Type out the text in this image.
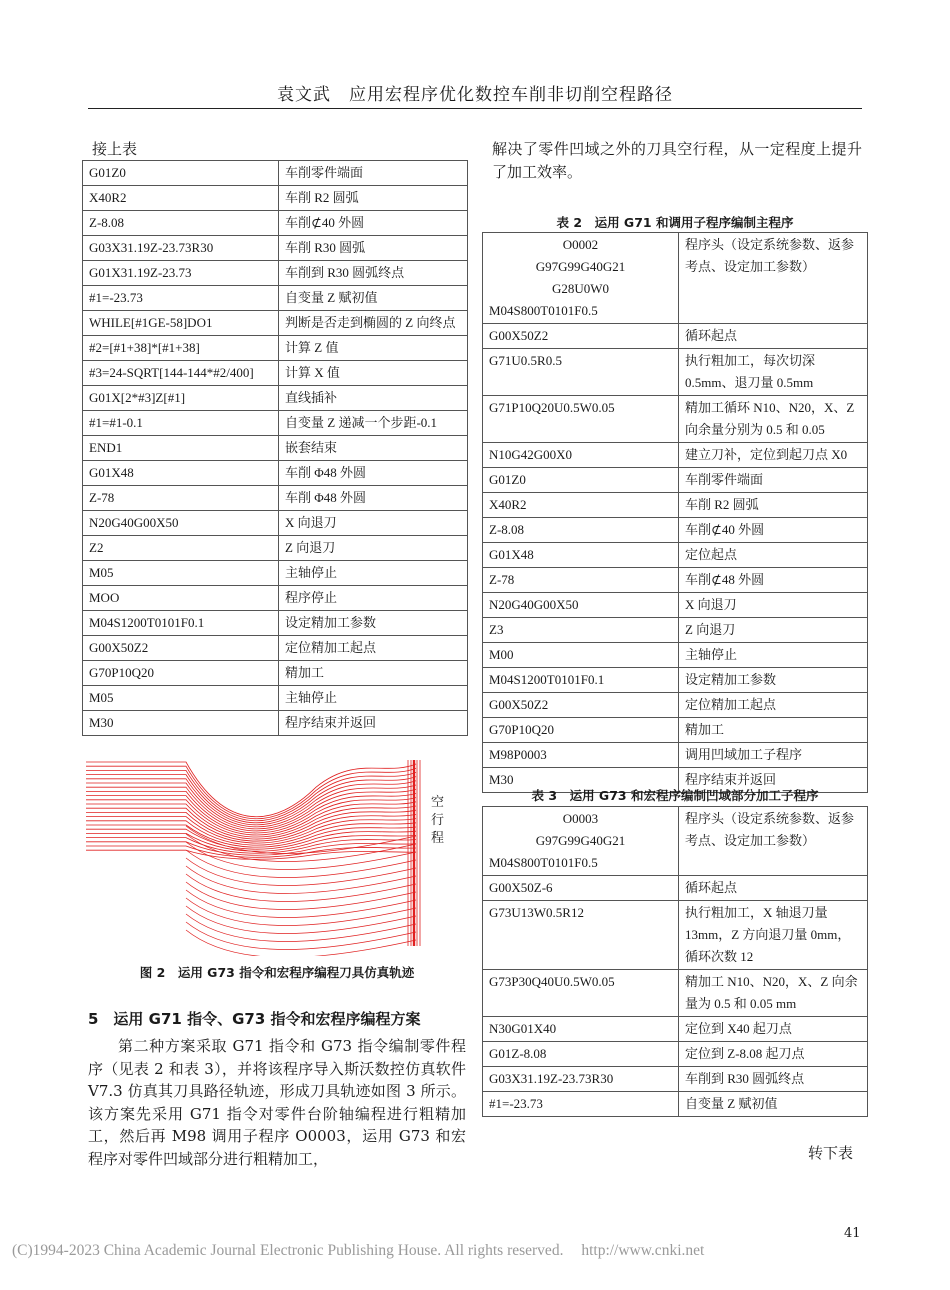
袁文武　应用宏程序优化数控车削非切削空程路径
接上表
G01Z0	车削零件端面
X40R2	车削 R2 圆弧
Z-8.08	车削⊄40 外圆
G03X31.19Z-23.73R30	车削 R30 圆弧
G01X31.19Z-23.73	车削到 R30 圆弧终点
#1=-23.73	自变量 Z 赋初值
WHILE[#1GE-58]DO1	判断是否走到椭圆的 Z 向终点
#2=[#1+38]*[#1+38]	计算 Z 值
#3=24-SQRT[144-144*#2/400]	计算 X 值
G01X[2*#3]Z[#1]	直线插补
#1=#1-0.1	自变量 Z 递减一个步距-0.1
END1	嵌套结束
G01X48	车削 Φ48 外圆
Z-78	车削 Φ48 外圆
N20G40G00X50	X 向退刀
Z2	Z 向退刀
M05	主轴停止
MOO	程序停止
M04S1200T0101F0.1	设定精加工参数
G00X50Z2	定位精加工起点
G70P10Q20	精加工
M05	主轴停止
M30	程序结束并返回
空
行
程
图 2　运用 G73 指令和宏程序编程刀具仿真轨迹
5　运用 G71 指令、G73 指令和宏程序编程方案
第二种方案采取 G71 指令和 G73 指令编制零件程序（见表 2 和表 3），并将该程序导入斯沃数控仿真软件 V7.3 仿真其刀具路径轨迹，形成刀具轨迹如图 3 所示。该方案先采用 G71 指令对零件台阶轴编程进行粗精加工，然后再 M98 调用子程序 O0003，运用 G73 和宏程序对零件凹域部分进行粗精加工，
解决了零件凹域之外的刀具空行程，从一定程度上提升了加工效率。
表 2　运用 G71 和调用子程序编制主程序
O0002
G97G99G40G21
G28U0W0
M04S800T0101F0.5	程序头（设定系统参数、返参考点、设定加工参数）
G00X50Z2	循环起点
G71U0.5R0.5	执行粗加工，每次切深 0.5mm、退刀量 0.5mm
G71P10Q20U0.5W0.05	精加工循环 N10、N20，X、Z 向余量分别为 0.5 和 0.05
N10G42G00X0	建立刀补，定位到起刀点 X0
G01Z0	车削零件端面
X40R2	车削 R2 圆弧
Z-8.08	车削⊄40 外圆
G01X48	定位起点
Z-78	车削⊄48 外圆
N20G40G00X50	X 向退刀
Z3	Z 向退刀
M00	主轴停止
M04S1200T0101F0.1	设定精加工参数
G00X50Z2	定位精加工起点
G70P10Q20	精加工
M98P0003	调用凹域加工子程序
M30	程序结束并返回
表 3　运用 G73 和宏程序编制凹域部分加工子程序
O0003
G97G99G40G21
M04S800T0101F0.5	程序头（设定系统参数、返参考点、设定加工参数）
G00X50Z-6	循环起点
G73U13W0.5R12	执行粗加工，X 轴退刀量 13mm，Z 方向退刀量 0mm，循环次数 12
G73P30Q40U0.5W0.05	精加工 N10、N20，X、Z 向余量为 0.5 和 0.05 mm
N30G01X40	定位到 X40 起刀点
G01Z-8.08	定位到 Z-8.08 起刀点
G03X31.19Z-23.73R30	车削到 R30 圆弧终点
#1=-23.73	自变量 Z 赋初值
转下表
41
(C)1994-2023 China Academic Journal Electronic Publishing House. All rights reserved. http://www.cnki.net
